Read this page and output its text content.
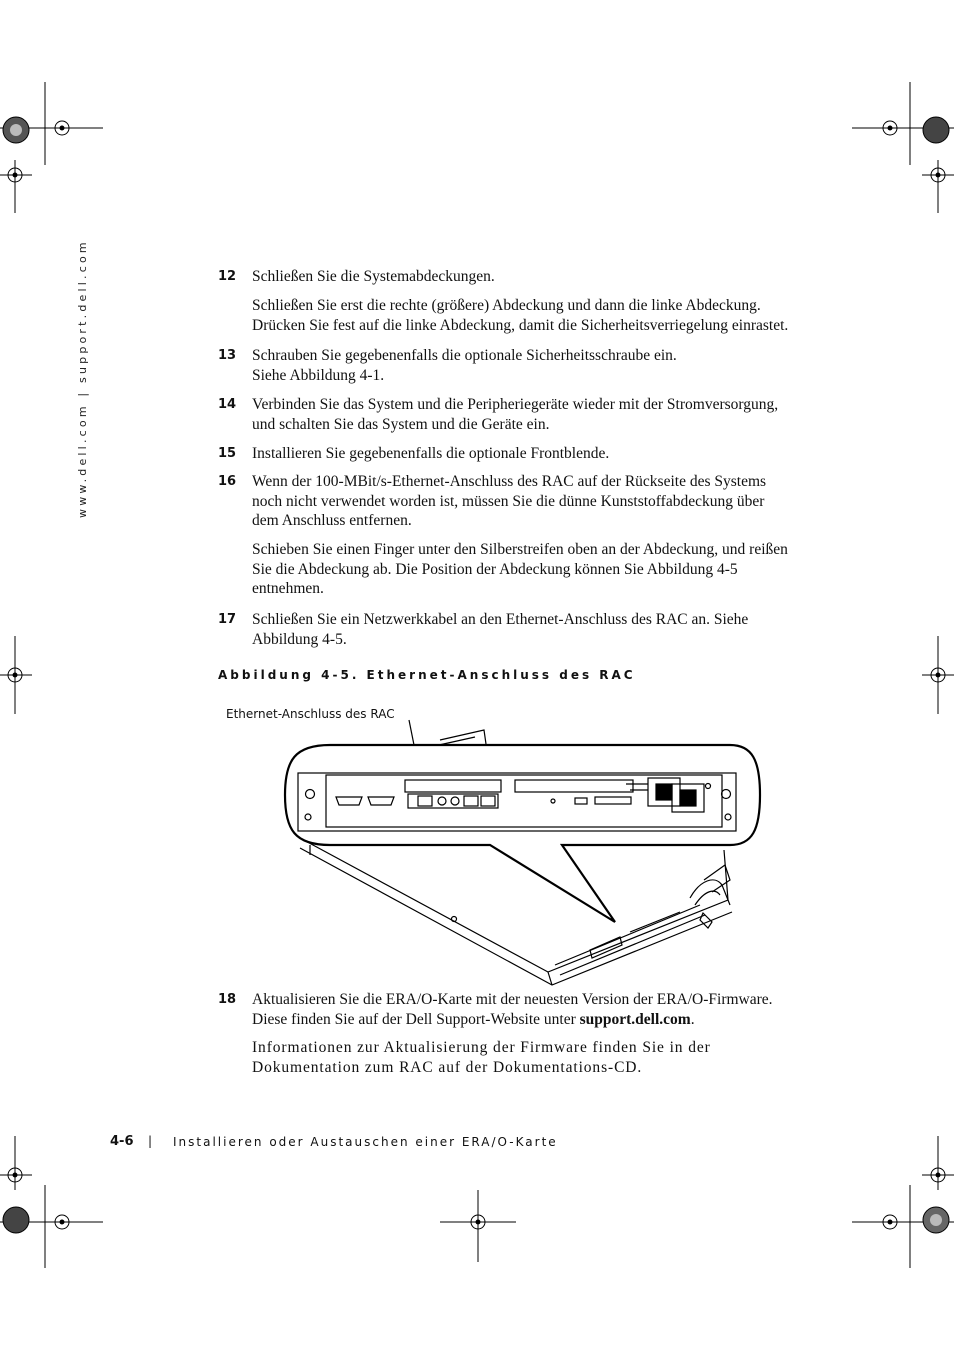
www.dell.com | support.dell.com	12 Schließen Sie die Systemabdeckungen.
Schließen Sie erst die rechte (größere) Abdeckung und dann die linke Abdeckung.
Drücken Sie fest auf die linke Abdeckung, damit die Sicherheitsverriegelung einrastet.
13 Schrauben Sie gegebenenfalls die optionale Sicherheitsschraube ein.
Siehe Abbildung 4-1.
14 Verbinden Sie das System und die Peripheriegeräte wieder mit der Stromversorgung,
und schalten Sie das System und die Geräte ein.
15 Installieren Sie gegebenenfalls die optionale Frontblende.
16 Wenn der 100-MBit/s-Ethernet-Anschluss des RAC auf der Rückseite des Systems
noch nicht verwendet worden ist, müssen Sie die dünne Kunststoffabdeckung über
dem Anschluss entfernen.
Schieben Sie einen Finger unter den Silberstreifen oben an der Abdeckung, und reißen
Sie die Abdeckung ab. Die Position der Abdeckung können Sie Abbildung 4-5
entnehmen.
17 Schließen Sie ein Netzwerkkabel an den Ethernet-Anschluss des RAC an. Siehe
Abbildung 4-5.
Abbildung 4-5. Ethernet-Anschluss des RAC
Ethernet-Anschluss des RAC
18 Aktualisieren Sie die ERA/O-Karte mit der neuesten Version der ERA/O-Firmware.
Diese finden Sie auf der Dell Support-Website unter support.dell.com.
Informationen zur Aktualisierung der Firmware finden Sie in der
Dokumentation zum RAC auf der Dokumentations-CD.
4-6 | Installieren oder Austauschen einer ERA/O-Karte
